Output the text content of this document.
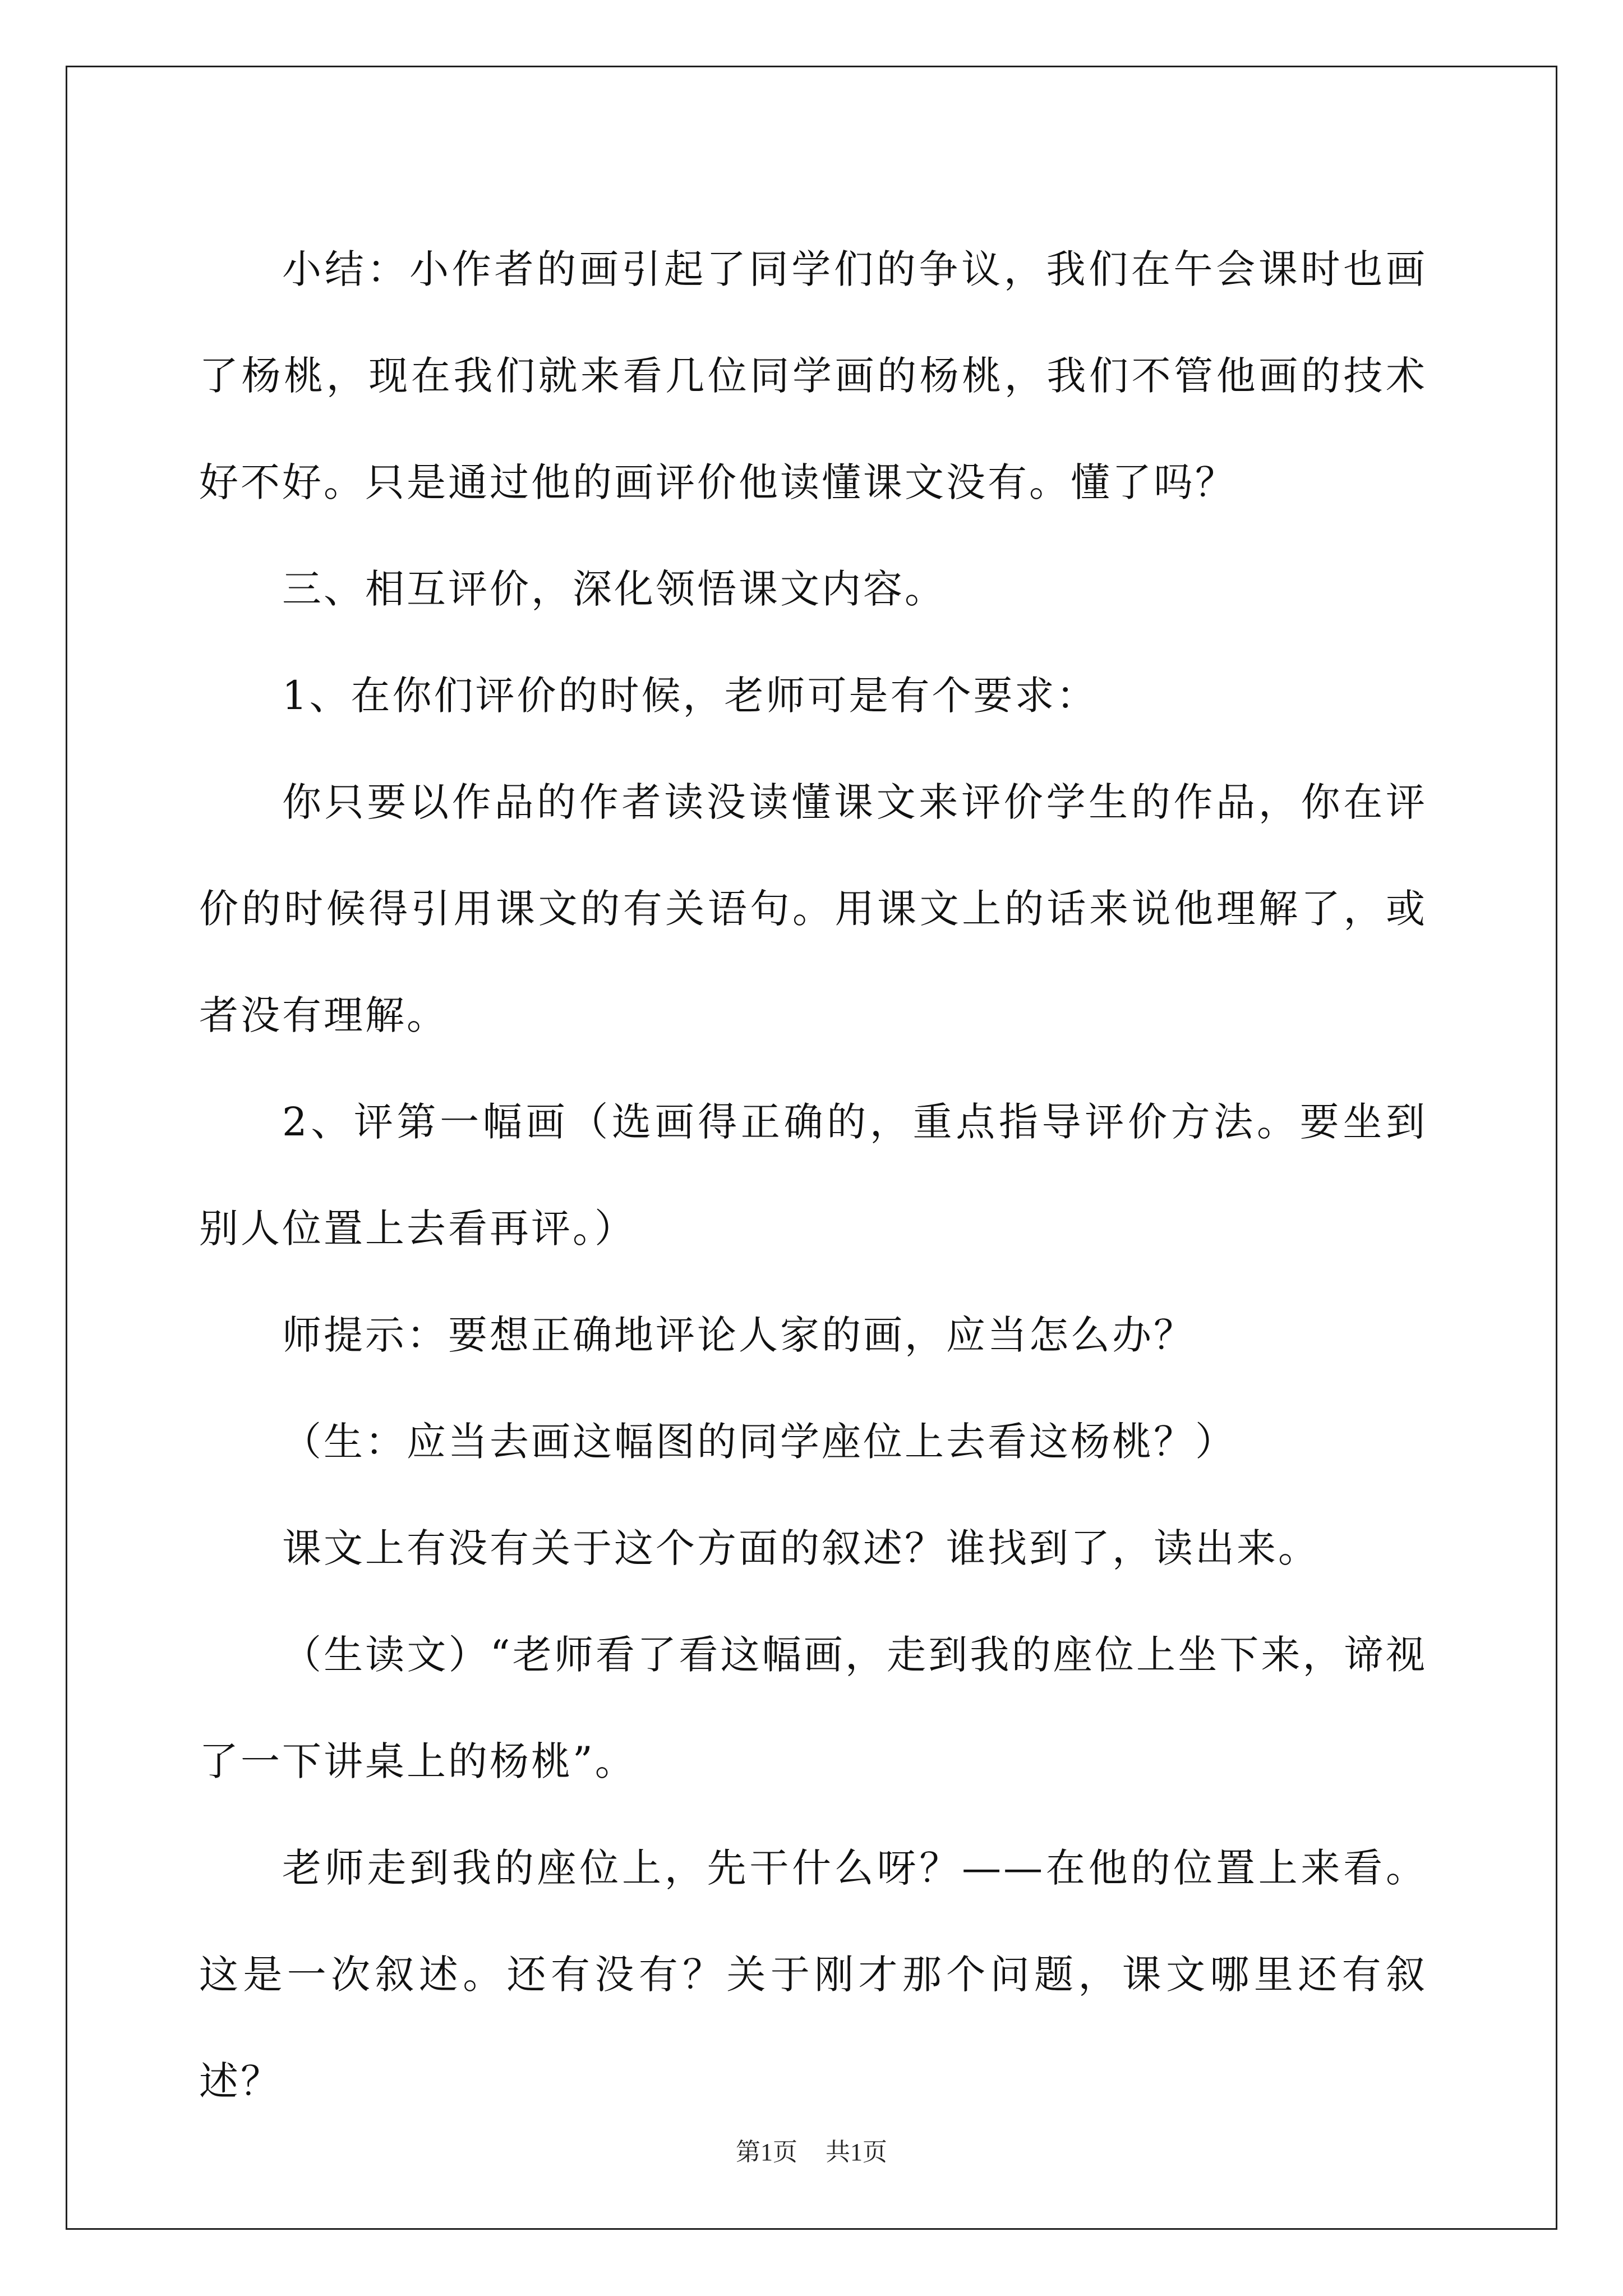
小结：小作者的画引起了同学们的争议，我们在午会课时也画了杨桃，现在我们就来看几位同学画的杨桃，我们不管他画的技术好不好。只是通过他的画评价他读懂课文没有。懂了吗？

三、相互评价，深化领悟课文内容。

1、在你们评价的时候，老师可是有个要求：

你只要以作品的作者读没读懂课文来评价学生的作品，你在评价的时候得引用课文的有关语句。用课文上的话来说他理解了，或者没有理解。

2、评第一幅画（选画得正确的，重点指导评价方法。要坐到别人位置上去看再评。）

师提示：要想正确地评论人家的画，应当怎么办？

（生：应当去画这幅图的同学座位上去看这杨桃？）

课文上有没有关于这个方面的叙述？谁找到了，读出来。

（生读文）“老师看了看这幅画，走到我的座位上坐下来，谛视了一下讲桌上的杨桃”。

老师走到我的座位上，先干什么呀？——在他的位置上来看。这是一次叙述。还有没有？关于刚才那个问题，课文哪里还有叙述？

第1页 共1页
